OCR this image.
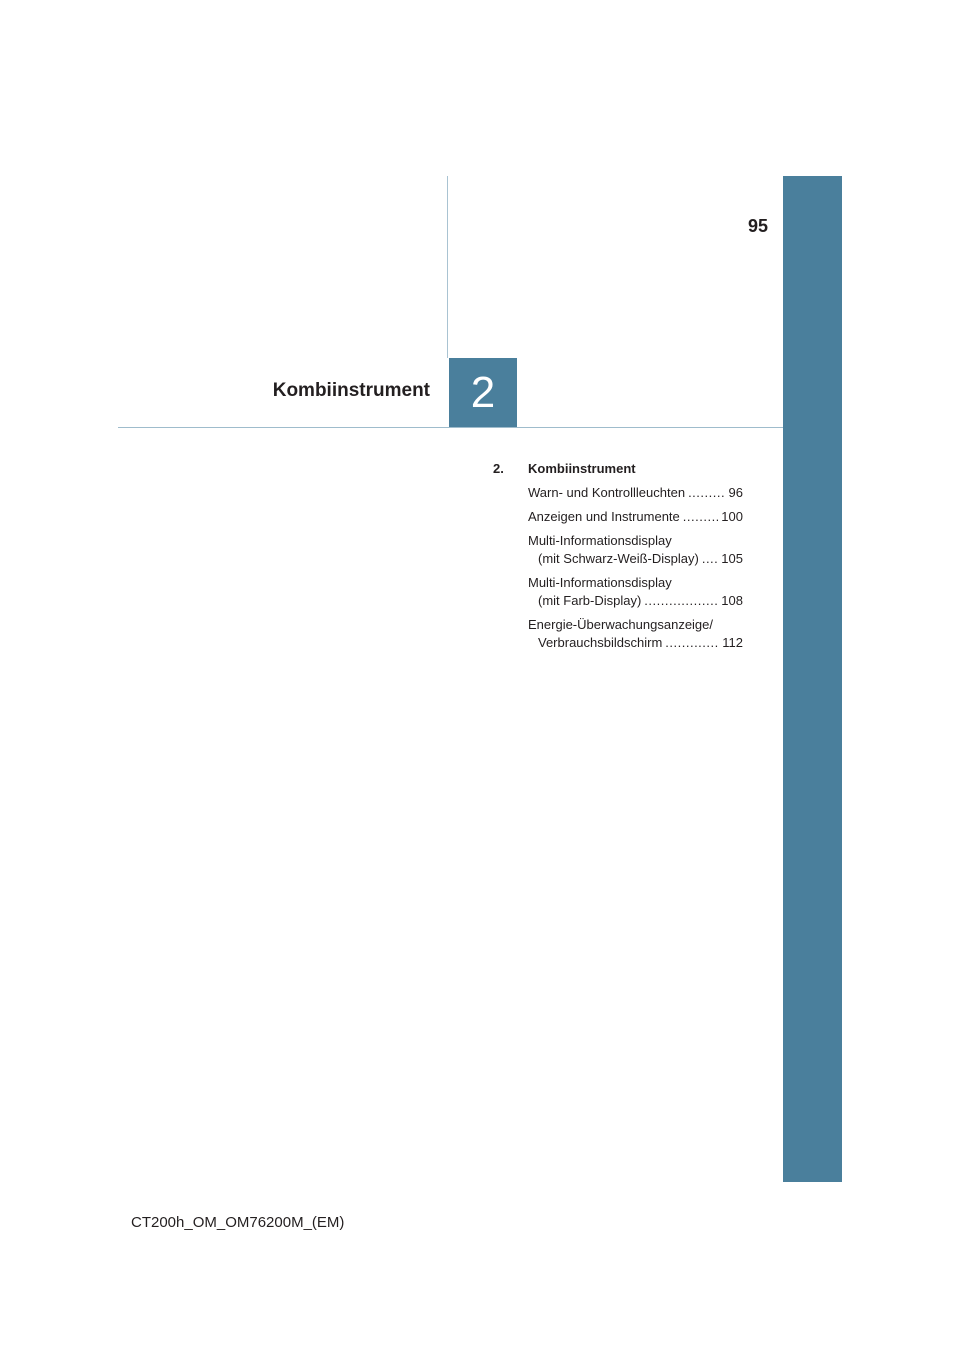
95
Kombiinstrument 2
2.	Kombiinstrument
Warn- und Kontrollleuchten .....	96
Anzeigen und Instrumente .....	100
Multi-Informationsdisplay
(mit Schwarz-Weiß-Display) ..... 105
Multi-Informationsdisplay
(mit Farb-Display) .....	108
Energie-Überwachungsanzeige/
Verbrauchsbildschirm .....	112
CT200h_OM_OM76200M_(EM)
